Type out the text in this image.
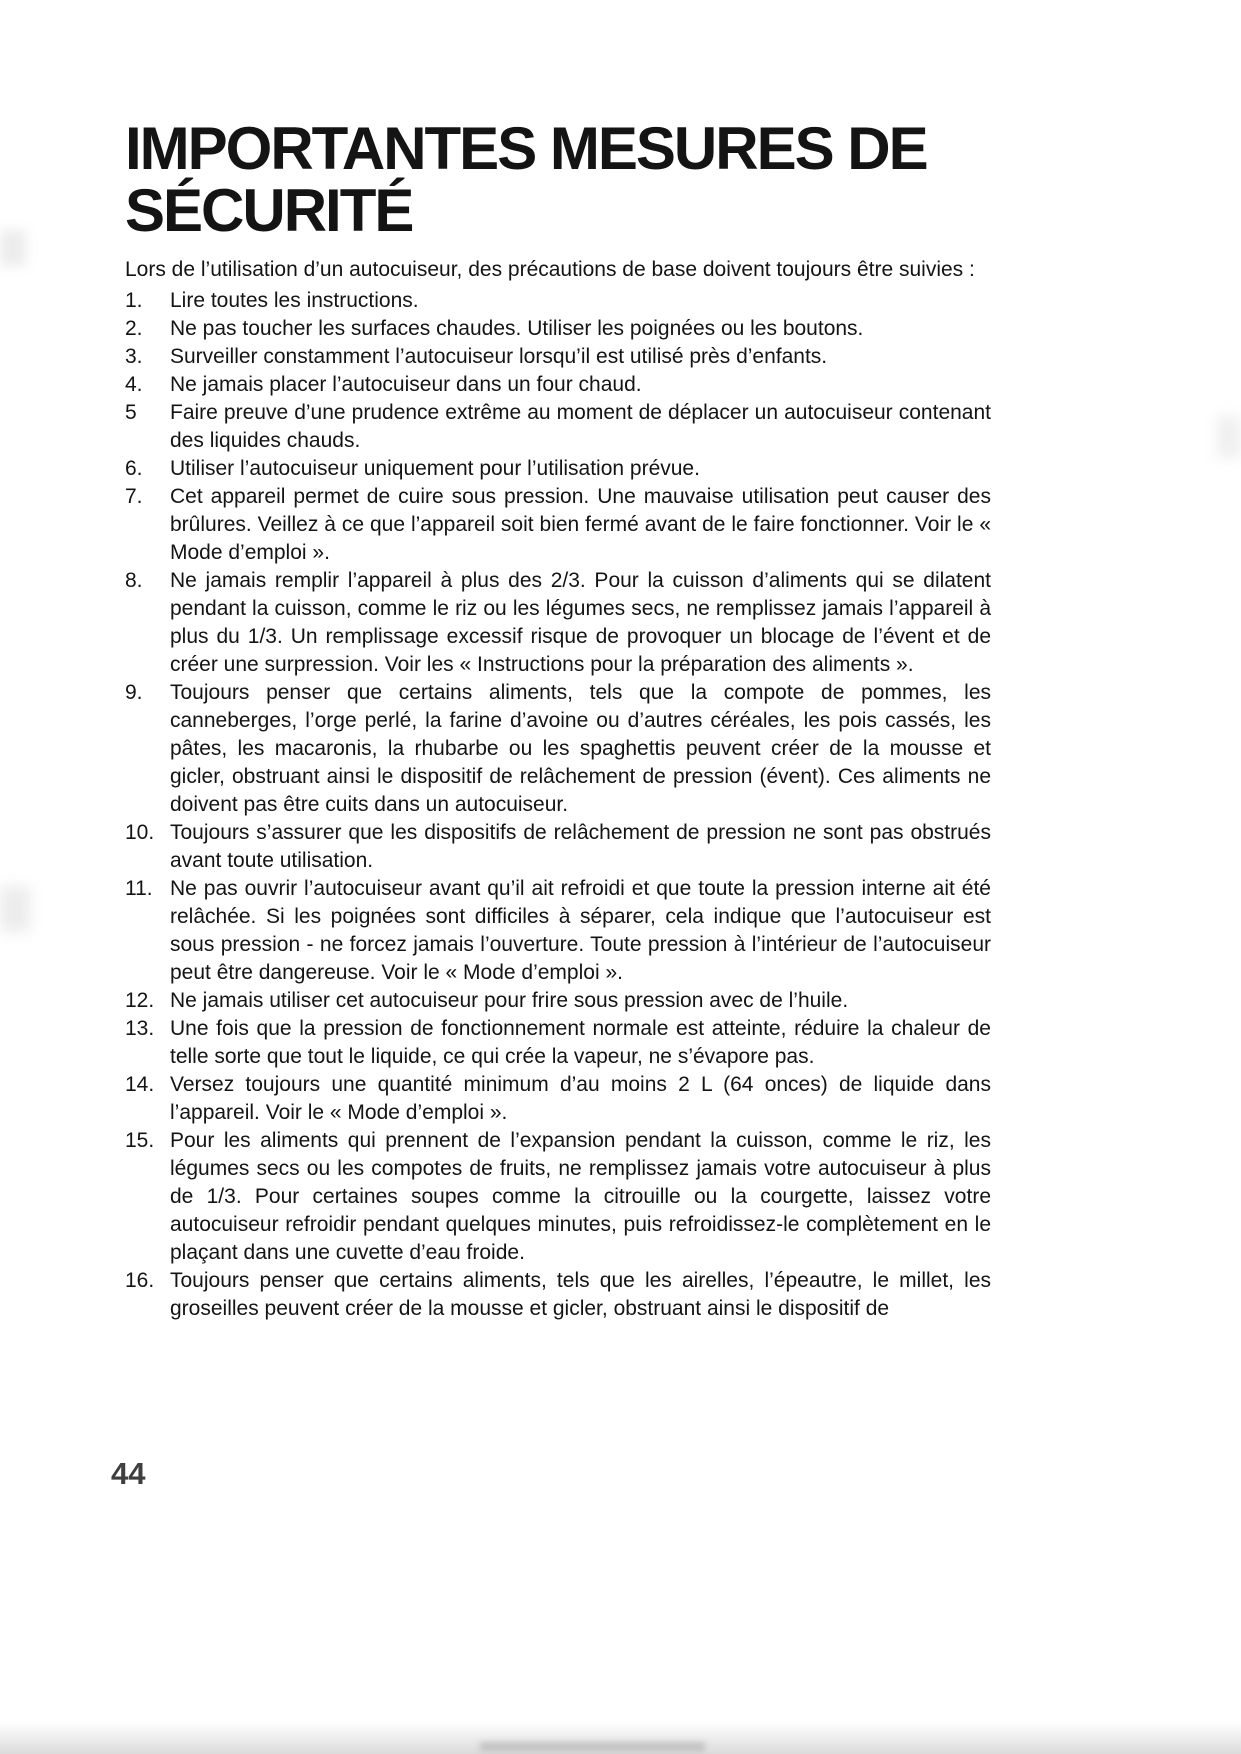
IMPORTANTES MESURES DE SÉCURITÉ

Lors de l’utilisation d’un autocuiseur, des précautions de base doivent toujours être suivies :

1.	Lire toutes les instructions.
2.	Ne pas toucher les surfaces chaudes. Utiliser les poignées ou les boutons.
3.	Surveiller constamment l’autocuiseur lorsqu’il est utilisé près d’enfants.
4.	Ne jamais placer l’autocuiseur dans un four chaud.
5	Faire preuve d’une prudence extrême au moment de déplacer un autocuiseur contenant des liquides chauds.
6.	Utiliser l’autocuiseur uniquement pour l’utilisation prévue.
7.	Cet appareil permet de cuire sous pression. Une mauvaise utilisation peut causer des brûlures. Veillez à ce que l’appareil soit bien fermé avant de le faire fonctionner. Voir le « Mode d’emploi ».
8.	Ne jamais remplir l’appareil à plus des 2/3. Pour la cuisson d’aliments qui se dilatent pendant la cuisson, comme le riz ou les légumes secs, ne remplissez jamais l’appareil à plus du 1/3. Un remplissage excessif risque de provoquer un blocage de l’évent et de créer une surpression. Voir les « Instructions pour la préparation des aliments ».
9.	Toujours penser que certains aliments, tels que la compote de pommes, les canneberges, l’orge perlé, la farine d’avoine ou d’autres céréales, les pois cassés, les pâtes, les macaronis, la rhubarbe ou les spaghettis peuvent créer de la mousse et gicler, obstruant ainsi le dispositif de relâchement de pression (évent). Ces aliments ne doivent pas être cuits dans un autocuiseur.
10. Toujours s’assurer que les dispositifs de relâchement de pression ne sont pas obstrués avant toute utilisation.
11. Ne pas ouvrir l’autocuiseur avant qu’il ait refroidi et que toute la pression interne ait été relâchée. Si les poignées sont difficiles à séparer, cela indique que l’autocuiseur est sous pression - ne forcez jamais l’ouverture. Toute pression à l’intérieur de l’autocuiseur peut être dangereuse. Voir le « Mode d’emploi ».
12. Ne jamais utiliser cet autocuiseur pour frire sous pression avec de l’huile.
13. Une fois que la pression de fonctionnement normale est atteinte, réduire la chaleur de telle sorte que tout le liquide, ce qui crée la vapeur, ne s’évapore pas.
14. Versez toujours une quantité minimum d’au moins 2 L (64 onces) de liquide dans l’appareil. Voir le « Mode d’emploi ».
15. Pour les aliments qui prennent de l’expansion pendant la cuisson, comme le riz, les légumes secs ou les compotes de fruits, ne remplissez jamais votre autocuiseur à plus de 1/3. Pour certaines soupes comme la citrouille ou la courgette, laissez votre autocuiseur refroidir pendant quelques minutes, puis refroidissez-le complètement en le plaçant dans une cuvette d’eau froide.
16. Toujours penser que certains aliments, tels que les airelles, l’épeautre, le millet, les groseilles peuvent créer de la mousse et gicler, obstruant ainsi le dispositif de
44
